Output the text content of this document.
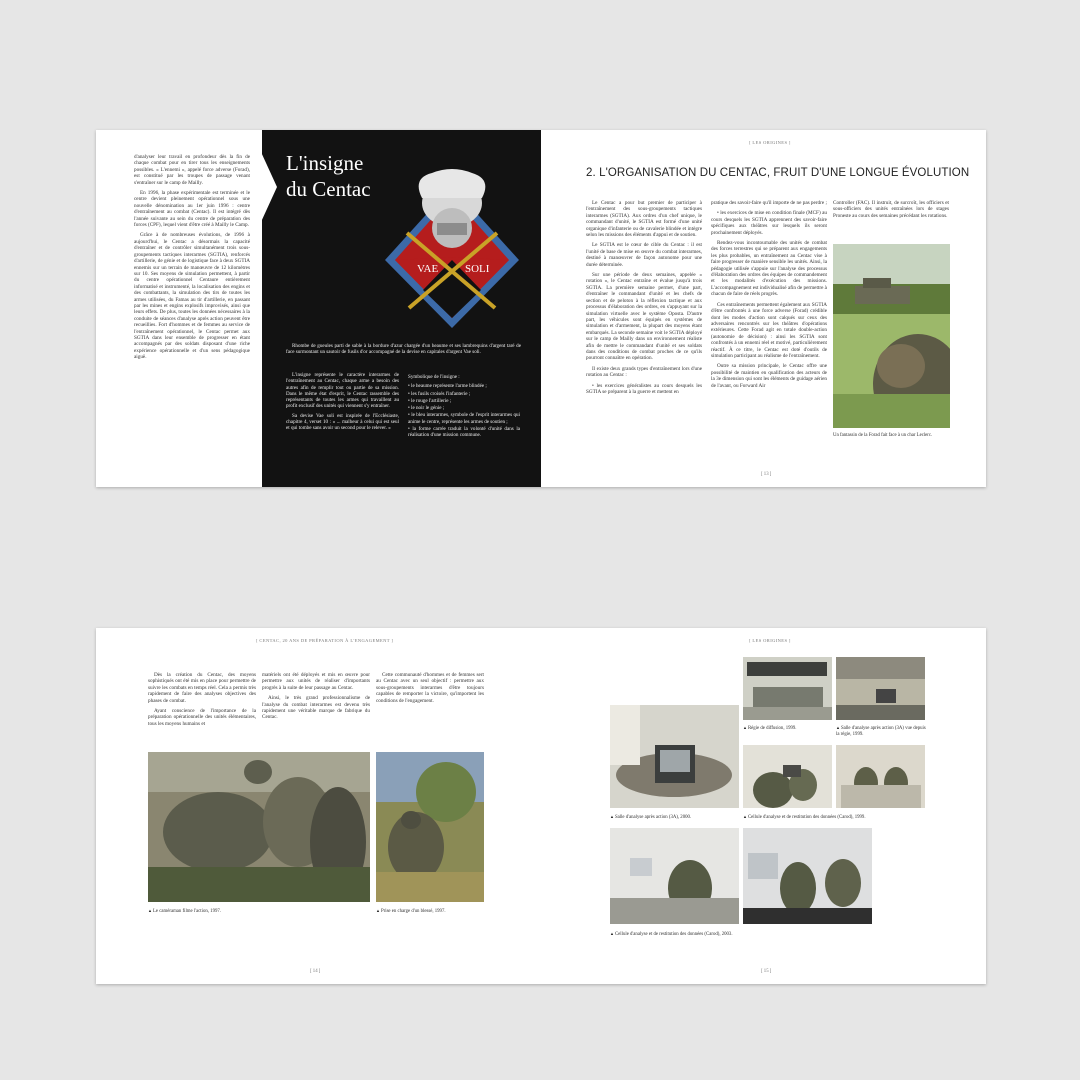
d'analyser leur travail en profondeur dès la fin de chaque combat pour en tirer tous les enseignements possibles. « L'ennemi », appelé force adverse (Forad), est constitué par les troupes de passage venant s'entraîner sur le camp de Mailly.

En 1996, la phase expérimentale est terminée et le centre devient pleinement opérationnel sous une nouvelle dénomination au 1er juin 1996 : centre d'entraînement au combat (Centac). Il est intégré dès l'année suivante au sein du centre de préparation des forces (CPF), lequel vient d'être créé à Mailly le Camp.

Grâce à de nombreuses évolutions, de 1996 à aujourd'hui, le Centac a désormais la capacité d'entraîner et de contrôler simultanément trois sous-groupements tactiques interarmes (SGTIA), renforcés d'artillerie, de génie et de logistique face à deux SGTIA ennemis sur un terrain de manœuvre de 12 kilomètres sur 10. Ses moyens de simulation permettent, à partir du centre opérationnel Centaure entièrement informatisé et instrumenté, la localisation des engins et des combattants, la simulation des tirs de toutes les armes utilisées, du Famas au tir d'artillerie, en passant par les mines et engins explosifs improvisés, ainsi que leurs effets. De plus, toutes les données nécessaires à la conduite de séances d'analyse après action peuvent être recueillies. Fort d'hommes et de femmes au service de l'entraînement opérationnel, le Centac permet aux SGTIA dans leur ensemble de progresser en étant accompagnés par des soldats disposant d'une riche expérience opérationnelle et d'un sens pédagogique aiguë.

L'insigne
du Centac
VAE SOLI
Rhombe de gueules parti de sable à la bordure d'azur chargée d'un heaume et ses lambrequins d'argent taré de face surmontant un sautoir de fusils d'or accompagné de la devise en capitales d'argent Vae soli.

L'insigne représente le caractère interarmes de l'entraînement au Centac, chaque arme a besoin des autres afin de remplir tout ou partie de sa mission. Dans le même état d'esprit, le Centac rassemble des représentants de toutes les armes qui travaillent au profit exclusif des unités qui viennent s'y entraîner.

Sa devise Vae soli est inspirée de l'Ecclésiaste, chapitre 4, verset 10 : « ... malheur à celui qui est seul et qui tombe sans avoir un second pour le relever. »

Symbolique de l'insigne :

• le heaume représente l'arme blindée ;
• les fusils croisés l'infanterie ;
• le rouge l'artillerie ;
• le noir le génie ;
• le bleu interarmes, symbole de l'esprit interarmes qui anime le centre, représente les armes de soutien ;
• la forme carrée traduit la volonté d'unité dans la réalisation d'une mission commune.
[ LES ORIGINES ]
2. L'ORGANISATION DU CENTAC, FRUIT D'UNE LONGUE ÉVOLUTION

Le Centac a pour but premier de participer à l'entraînement des sous-groupements tactiques interarmes (SGTIA). Aux ordres d'un chef unique, le commandant d'unité, le SGTIA est formé d'une unité organique d'infanterie ou de cavalerie blindée et intègre selon les missions des éléments d'appui et de soutien.

Le SGTIA est le cœur de cible du Centac : il est l'unité de base de mise en œuvre du combat interarmes, destiné à manœuvrer de façon autonome pour une durée déterminée.

Sur une période de deux semaines, appelée « rotation », le Centac entraîne et évalue jusqu'à trois SGTIA. La première semaine permet, d'une part, d'entraîner le commandant d'unité et les chefs de section et de peloton à la réflexion tactique et aux processus d'élaboration des ordres, en s'appuyant sur la simulation virtuelle avec le système Oposta. D'autre part, les véhicules sont équipés en systèmes de simulation et d'armement, la plupart des moyens étant embarqués. La seconde semaine voit le SGTIA déployé sur le camp de Mailly dans un environnement réaliste afin de mettre le commandant d'unité et ses soldats dans des conditions de combat proches de ce qu'ils pourront connaître en opération.

Il existe deux grands types d'entraînement lors d'une rotation au Centac :

• les exercices généralistes au cours desquels les SGTIA se préparent à la guerre et mettent en

pratique des savoir-faire qu'il importe de ne pas perdre ;

• les exercices de mise en condition finale (MCF) au cours desquels les SGTIA apprennent des savoir-faire spécifiques aux théâtres sur lesquels ils seront prochainement déployés.

Rendez-vous incontournable des unités de combat des forces terrestres qui se préparent aux engagements les plus probables, un entraînement au Centac vise à faire progresser de manière sensible les unités. Ainsi, la pédagogie utilisée s'appuie sur l'analyse des processus d'élaboration des ordres des équipes de commandement et les modalités d'exécution des missions. L'accompagnement est individualisé afin de permettre à chacun de faire de réels progrès.

Ces entraînements permettent également aux SGTIA d'être confrontés à une force adverse (Forad) crédible dont les modes d'action sont calqués sur ceux des adversaires rencontrés sur les théâtres d'opérations extérieures. Cette Forad agit en totale double-action (autonomie de décision) : ainsi les SGTIA sont confrontés à un ennemi réel et motivé, particulièrement réactif. À ce titre, le Centac est doté d'outils de simulation participant au réalisme de l'entraînement.

Outre sa mission principale, le Centac offre une possibilité de maintien en qualification des acteurs de la 3e dimension qui sont les éléments de guidage aérien de l'avant, ou Forward Air

Controller (FAC). Il instruit, de surcroît, les officiers et sous-officiers des unités entraînées lors de stages Proneste au cours des semaines précédant les rotations.

Un fantassin de la Forad fait face à un char Leclerc.
[ 13 ]
[ CENTAC, 20 ANS DE PRÉPARATION À L'ENGAGEMENT ]	[ LES ORIGINES ]

Dès la création du Centac, des moyens sophistiqués ont été mis en place pour permettre de suivre les combats en temps réel. Cela a permis très rapidement de faire des analyses objectives des phases de combat.

Ayant conscience de l'importance de la préparation opérationnelle des unités élémentaires, tous les moyens humains et

matériels ont été déployés et mis en œuvre pour permettre aux unités de réaliser d'importants progrès à la suite de leur passage au Centac.

Ainsi, le très grand professionnalisme de l'analyse du combat interarmes est devenu très rapidement une véritable marque de fabrique du Centac.

Cette communauté d'hommes et de femmes sert au Centac avec un seul objectif : permettre aux sous-groupements interarmes d'être toujours capables de remporter la victoire, qu'importent les conditions de l'engagement.

▲Le caméraman filme l'action, 1997.	▲Prise en charge d'un blessé, 1997.
▲Régie de diffusion, 1999.	▲Salle d'analyse après action (3A) vue depuis la régie, 1999.
▲Salle d'analyse après action (3A), 2000.	▲Cellule d'analyse et de restitution des données (Carod), 1999.
▲Cellule d'analyse et de restitution des données (Carod), 2003.
[ 14 ]	[ 15 ]
